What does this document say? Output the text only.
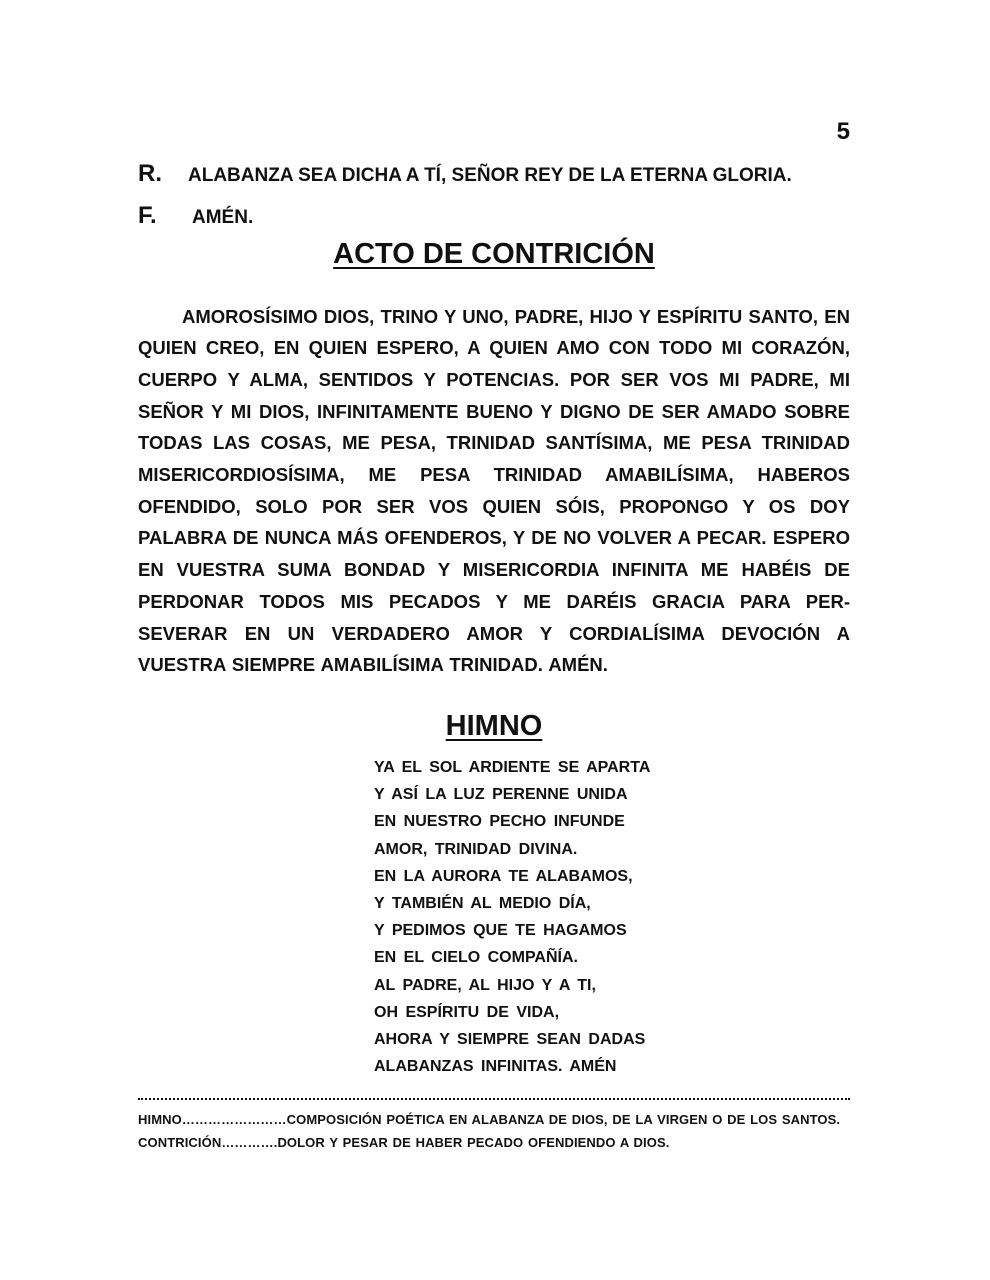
5
R.	ALABANZA SEA DICHA A TÍ, SEÑOR REY DE LA ETERNA GLORIA.
F.	AMÉN.
ACTO DE CONTRICIÓN

AMOROSÍSIMO DIOS, TRINO Y UNO, PADRE, HIJO Y ESPÍRITU SANTO, EN QUIEN CREO, EN QUIEN ESPERO, A QUIEN AMO CON TODO MI CORAZÓN, CUERPO Y ALMA, SENTIDOS Y POTENCIAS. POR SER VOS MI PADRE, MI SEÑOR Y MI DIOS, INFINITAMENTE BUENO Y DIGNO DE SER AMADO SOBRE TODAS LAS COSAS, ME PESA, TRINIDAD SANTÍSIMA, ME PESA TRINIDAD MISERICORDIOSÍSIMA, ME PESA TRINIDAD AMABILÍSIMA, HABEROS OFENDIDO, SOLO POR SER VOS QUIEN SÓIS, PROPONGO Y OS DOY PALABRA DE NUNCA MÁS OFENDEROS, Y DE NO VOLVER A PECAR. ESPERO EN VUESTRA SUMA BONDAD Y MISERICORDIA INFINITA ME HABÉIS DE PERDONAR TODOS MIS PECADOS Y ME DARÉIS GRACIA PARA PER-SEVERAR EN UN VERDADERO AMOR Y CORDIALÍSIMA DEVOCIÓN A VUESTRA SIEMPRE AMABILÍSIMA TRINIDAD. AMÉN.

HIMNO
YA EL SOL ARDIENTE SE APARTA
Y ASÍ LA LUZ PERENNE UNIDA
EN NUESTRO PECHO INFUNDE
AMOR, TRINIDAD DIVINA.
EN LA AURORA TE ALABAMOS,
Y TAMBIÉN AL MEDIO DÍA,
Y PEDIMOS QUE TE HAGAMOS
EN EL CIELO COMPAÑÍA.
AL PADRE, AL HIJO Y A TI,
OH ESPÍRITU DE VIDA,
AHORA Y SIEMPRE SEAN DADAS
ALABANZAS INFINITAS. AMÉN
HIMNO……………………COMPOSICIÓN POÉTICA EN ALABANZA DE DIOS, DE LA VIRGEN O DE LOS SANTOS.
CONTRICIÓN………….DOLOR Y PESAR DE HABER PECADO OFENDIENDO A DIOS.
